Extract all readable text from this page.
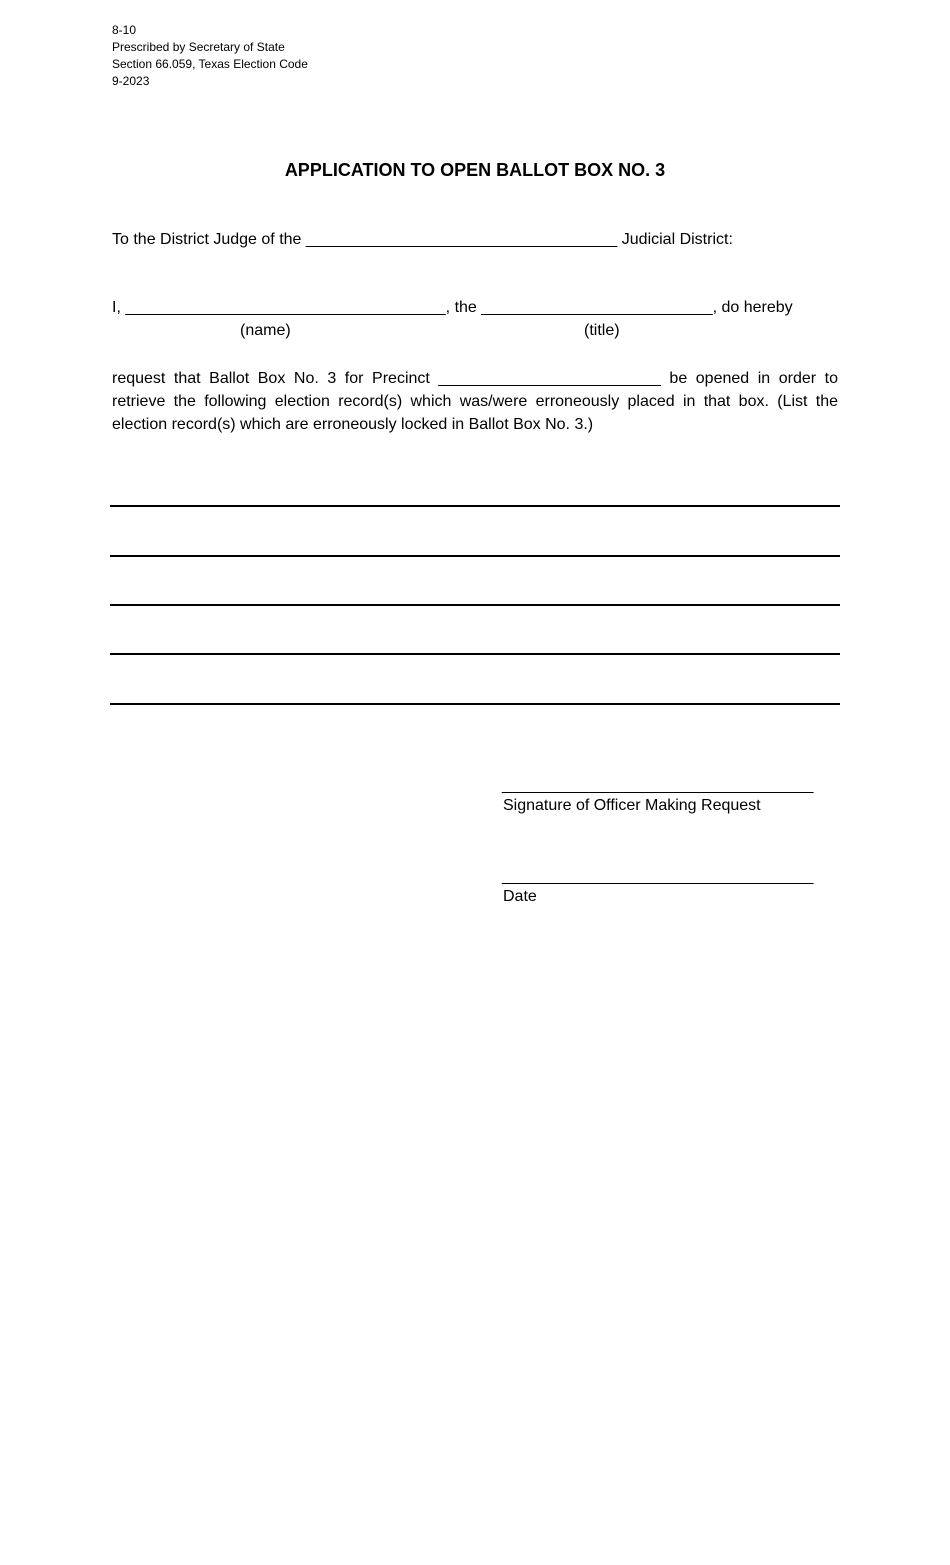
8-10
Prescribed by Secretary of State
Section 66.059, Texas Election Code
9-2023
APPLICATION TO OPEN BALLOT BOX NO. 3
To the District Judge of the ___________________________________ Judicial District:
I, ____________________________________, the __________________________, do hereby
(name)	(title)
request that Ballot Box No. 3 for Precinct _________________________ be opened in order to retrieve the following election record(s) which was/were erroneously placed in that box. (List the election record(s) which are erroneously locked in Ballot Box No. 3.)
___________________________________
Signature of Officer Making Request
___________________________________
Date
